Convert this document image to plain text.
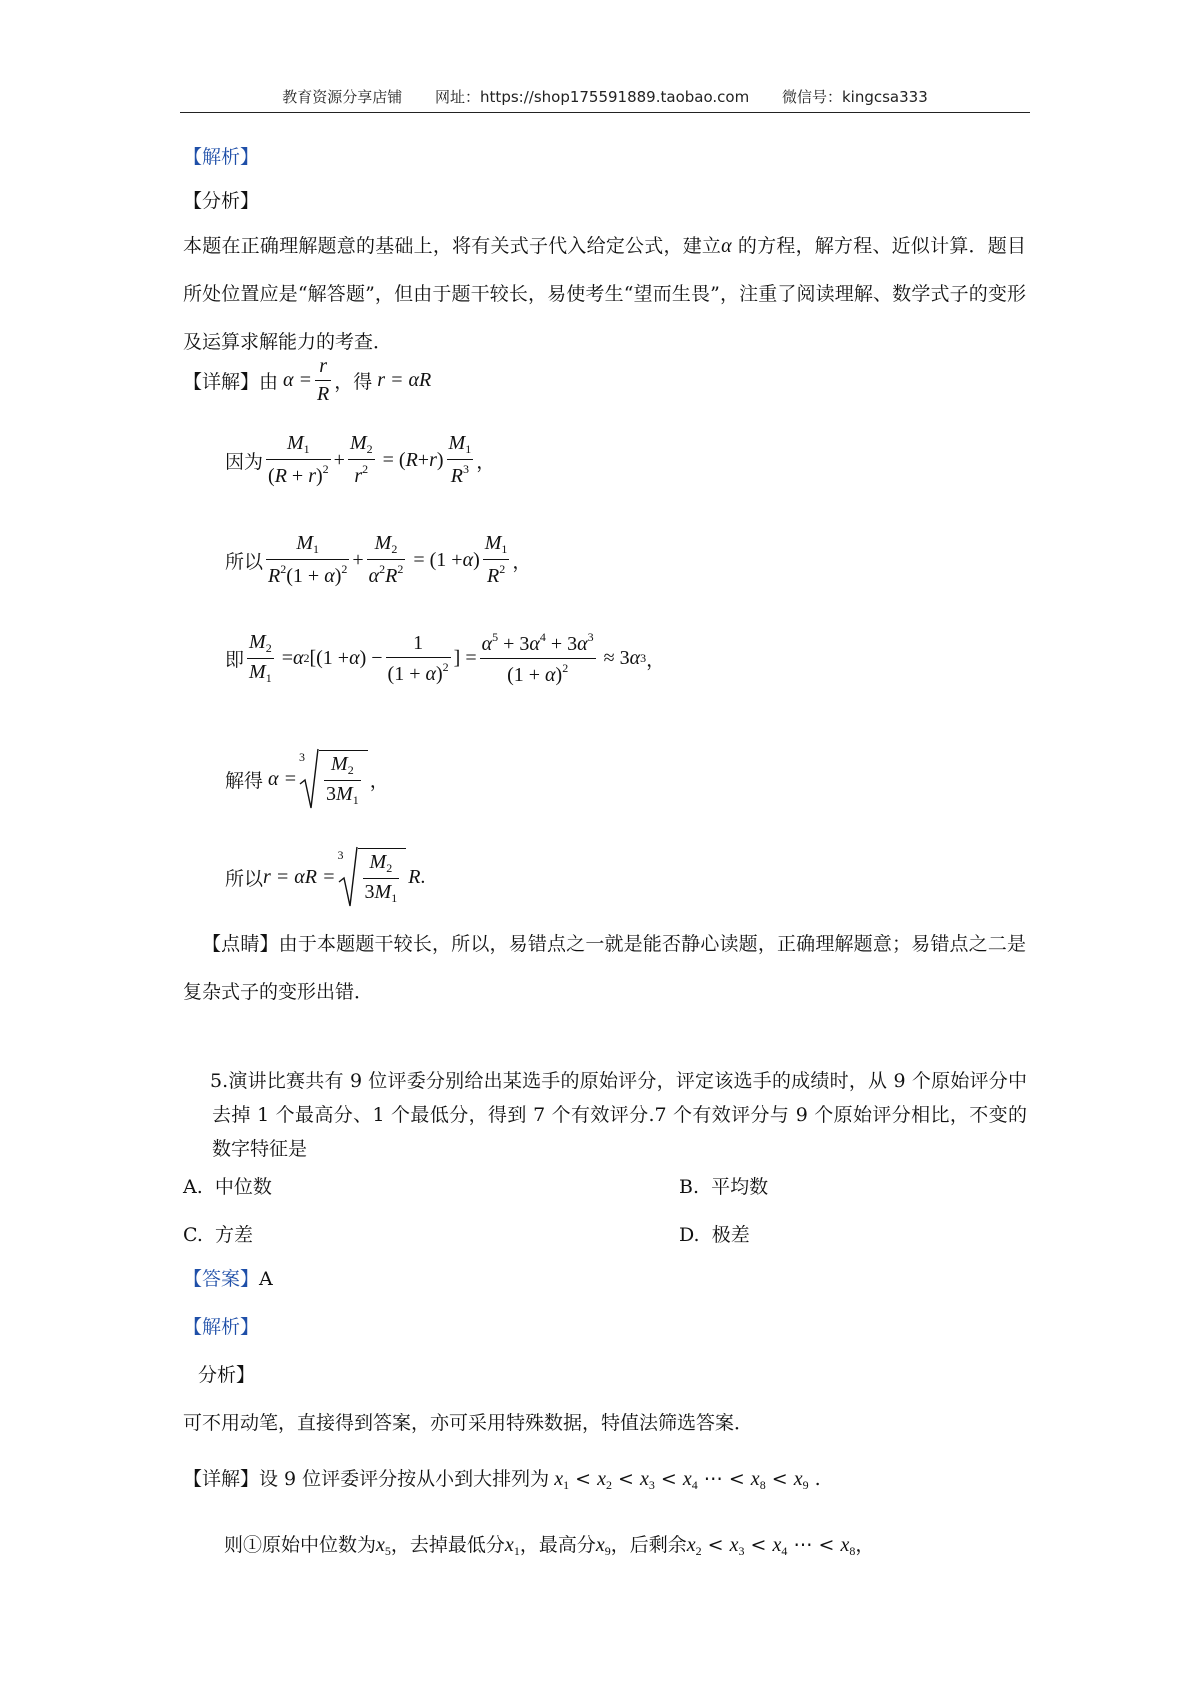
教育资源分享店铺 网址：https://shop175591889.taobao.com 微信号：kingcsa333
【解析】
【分析】
本题在正确理解题意的基础上，将有关式子代入给定公式，建立α 的方程，解方程、近似计算．题目所处位置应是“解答题”，但由于题干较长，易使考生“望而生畏”，注重了阅读理解、数学式子的变形及运算求解能力的考查．
【详解】 由 $\alpha = \frac{r}{R}$ ，得 r = αR
因为 $\frac{M_1}{(R + r)^2} + \frac{M_2}{r^2}$ = ( R + r ) $\frac{M_1}{R^3}$ ，
所以 $\frac{M_1}{R^2(1 + \alpha)^2} + \frac{M_2}{\alpha^2R^2} = (1 + \alpha$ ) $\frac{M_1}{R^2}$ ，
即 $\frac{M_2}{M_1} = \alpha$ 2 [(1 + α ) − $\frac{1}{(1 + \alpha)^2}$ ] = $\frac{\alpha^5 + 3\alpha^4 + 3\alpha^3}{(1 + \alpha)^2} \approx 3$ α 3 ，
解得 α =
$3 \frac{M_2}{3M_1}$ ，
所以 r = αR =
$3 \frac{M_2}{3M_1}$ R .
【点睛】由于本题题干较长，所以，易错点之一就是能否静心读题，正确理解题意；易错点之二是复杂式子的变形出错．
5.演讲比赛共有 9 位评委分别给出某选手的原始评分，评定该选手的成绩时，从 9 个原始评分中去掉 1 个最高分、1 个最低分，得到 7 个有效评分.7 个有效评分与 9 个原始评分相比，不变的数字特征是
A. 中位数	B. 平均数
C. 方差	D. 极差
【答案】A
【解析】
分析】
可不用动笔，直接得到答案，亦可采用特殊数据，特值法筛选答案．
【详解】设 9 位评委评分按从小到大排列为 $x_1 < x_2 < x_3 < x_4$ ⋯ < $x_8 < x_9$ .
则①原始中位数为$x_5$，去掉最低分$x_1$，最高分$x_9$，后剩余$x_2 < x_3 < x_4$ ⋯ < $x_8$，
